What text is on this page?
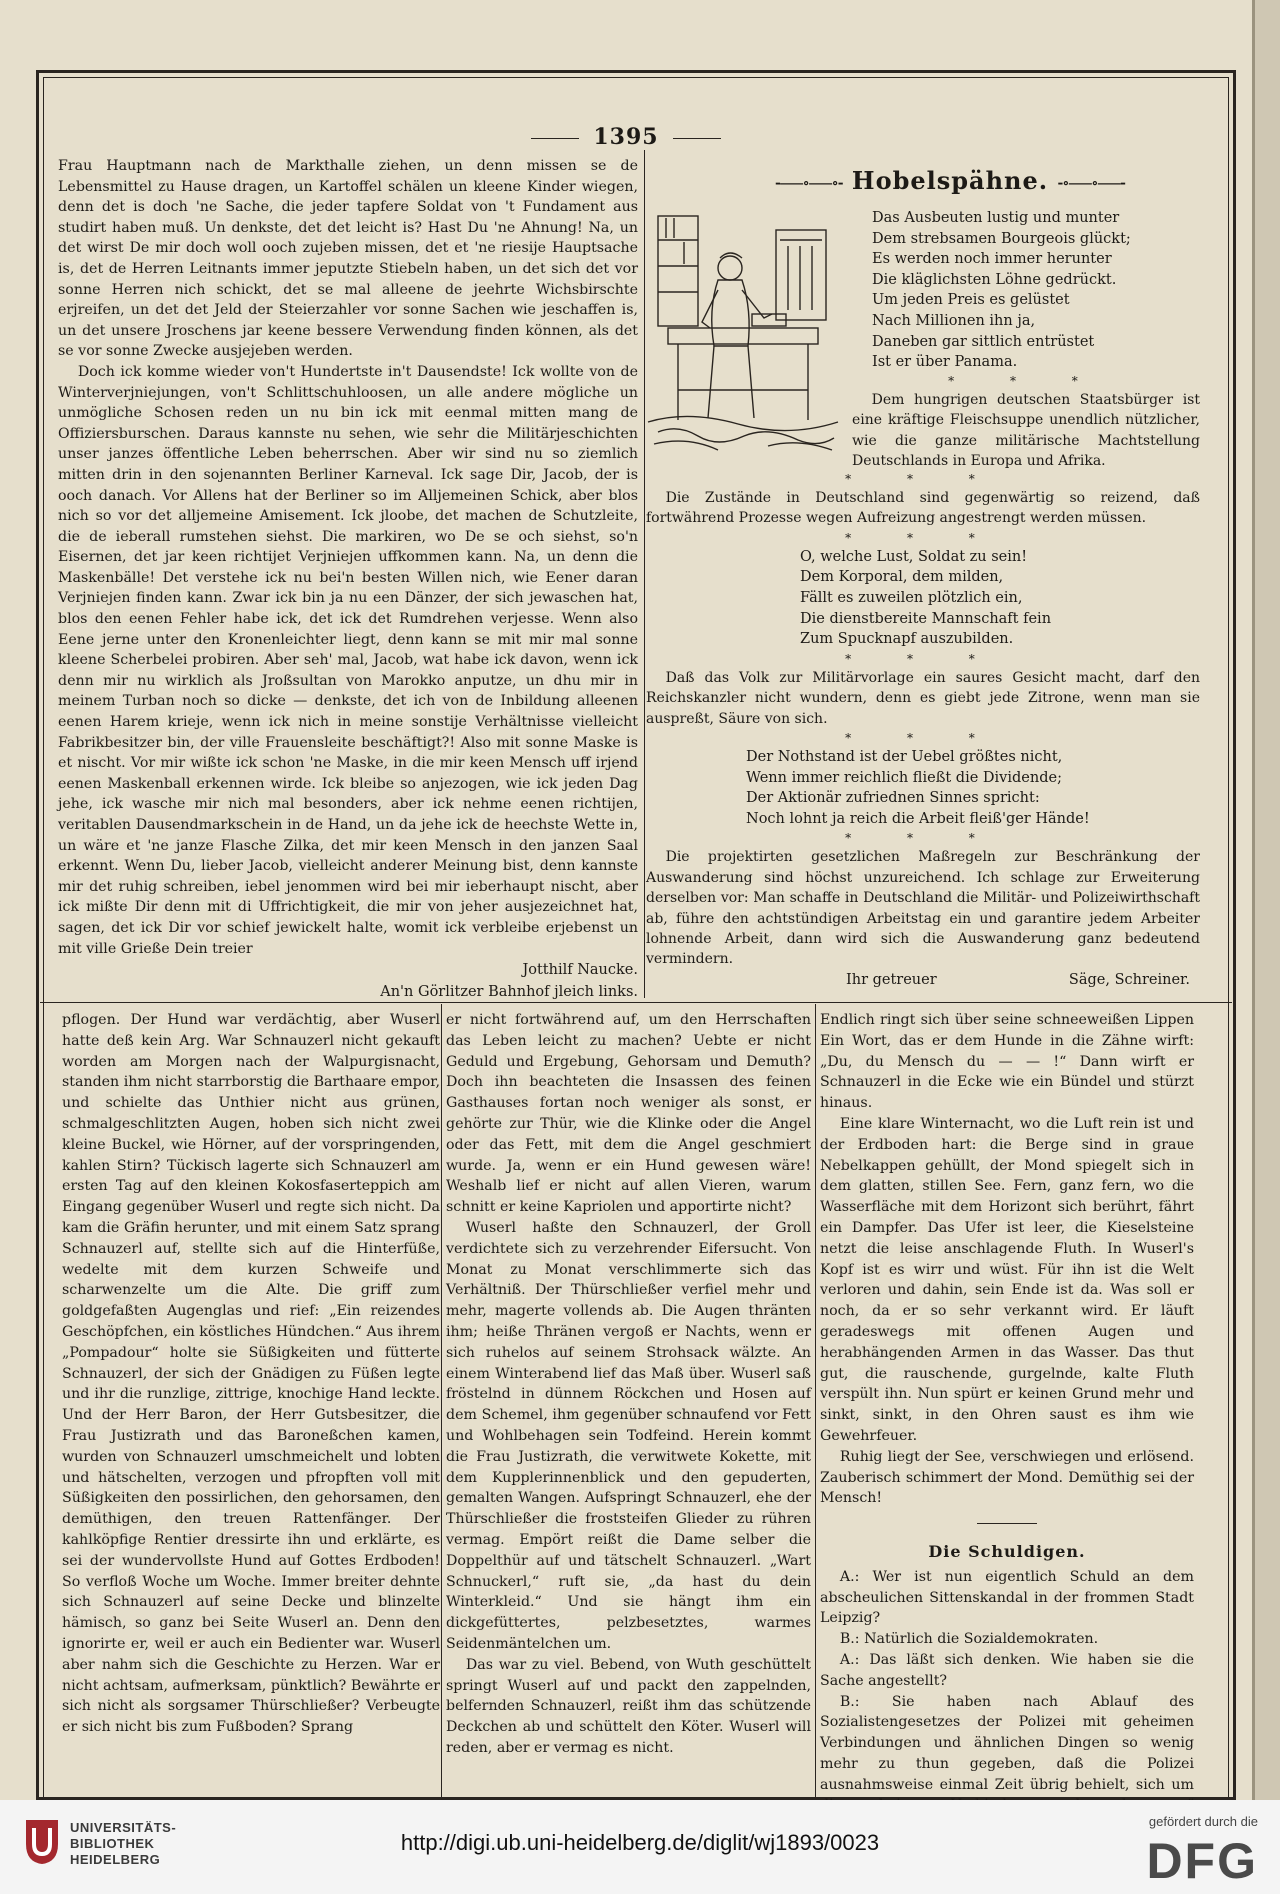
1395

Frau Hauptmann nach de Markthalle ziehen, un denn missen se de Lebensmittel zu Hause dragen, un Kartoffel schälen un kleene Kinder wiegen, denn det is doch 'ne Sache, die jeder tapfere Soldat von 't Fundament aus studirt haben muß. Un denkste, det det leicht is? Hast Du 'ne Ahnung! Na, un det wirst De mir doch woll ooch zujeben missen, det et 'ne riesije Hauptsache is, det de Herren Leitnants immer jeputzte Stiebeln haben, un det sich det vor sonne Herren nich schickt, det se mal alleene de jeehrte Wichsbirschte erjreifen, un det det Jeld der Steierzahler vor sonne Sachen wie jeschaffen is, un det unsere Jroschens jar keene bessere Verwendung finden können, als det se vor sonne Zwecke ausjejeben werden.

Doch ick komme wieder von't Hundertste in't Dausendste! Ick wollte von de Winterverjniejungen, von't Schlittschuhloosen, un alle andere mögliche un unmögliche Schosen reden un nu bin ick mit eenmal mitten mang de Offiziersburschen. Daraus kannste nu sehen, wie sehr die Militärjeschichten unser janzes öffentliche Leben beherrschen. Aber wir sind nu so ziemlich mitten drin in den sojenannten Berliner Karneval. Ick sage Dir, Jacob, der is ooch danach. Vor Allens hat der Berliner so im Alljemeinen Schick, aber blos nich so vor det alljemeine Amisement. Ick jloobe, det machen de Schutzleite, die de ieberall rumstehen siehst. Die markiren, wo De se och siehst, so'n Eisernen, det jar keen richtijet Verjniejen uffkommen kann. Na, un denn die Maskenbälle! Det verstehe ick nu bei'n besten Willen nich, wie Eener daran Verjniejen finden kann. Zwar ick bin ja nu een Dänzer, der sich jewaschen hat, blos den eenen Fehler habe ick, det ick det Rumdrehen verjesse. Wenn also Eene jerne unter den Kronenleichter liegt, denn kann se mit mir mal sonne kleene Scherbelei probiren. Aber seh' mal, Jacob, wat habe ick davon, wenn ick denn mir nu wirklich als Jroßsultan von Marokko anputze, un dhu mir in meinem Turban noch so dicke — denkste, det ich von de Inbildung alleenen eenen Harem krieje, wenn ick nich in meine sonstije Verhältnisse vielleicht Fabrikbesitzer bin, der ville Frauensleite beschäftigt?! Also mit sonne Maske is et nischt. Vor mir wißte ick schon 'ne Maske, in die mir keen Mensch uff irjend eenen Maskenball erkennen wirde. Ick bleibe so anjezogen, wie ick jeden Dag jehe, ick wasche mir nich mal besonders, aber ick nehme eenen richtijen, veritablen Dausendmarkschein in de Hand, un da jehe ick de heechste Wette in, un wäre et 'ne janze Flasche Zilka, det mir keen Mensch in den janzen Saal erkennt. Wenn Du, lieber Jacob, vielleicht anderer Meinung bist, denn kannste mir det ruhig schreiben, iebel jenommen wird bei mir ieberhaupt nischt, aber ick mißte Dir denn mit di Uffrichtigkeit, die mir von jeher ausjezeichnet hat, sagen, det ick Dir vor schief jewickelt halte, womit ick verbleibe erjebenst un mit ville Grieße Dein treier

Jotthilf Naucke.
An'n Görlitzer Bahnhof jleich links.
-⸺∘⸺∘- Hobelspähne. -∘⸺∘⸺-
Das Ausbeuten lustig und munter
Dem strebsamen Bourgeois glückt;
Es werden noch immer herunter
Die kläglichsten Löhne gedrückt.
Um jeden Preis es gelüstet
Nach Millionen ihn ja,
Daneben gar sittlich entrüstet
Ist er über Panama.
* * *

Dem hungrigen deutschen Staatsbürger ist eine kräftige Fleischsuppe unendlich nützlicher, wie die ganze militärische Machtstellung Deutschlands in Europa und Afrika.

* * *

Die Zustände in Deutschland sind gegenwärtig so reizend, daß fortwährend Prozesse wegen Aufreizung angestrengt werden müssen.

* * *
O, welche Lust, Soldat zu sein!
Dem Korporal, dem milden,
Fällt es zuweilen plötzlich ein,
Die dienstbereite Mannschaft fein
Zum Spucknapf auszubilden.
* * *

Daß das Volk zur Militärvorlage ein saures Gesicht macht, darf den Reichskanzler nicht wundern, denn es giebt jede Zitrone, wenn man sie auspreßt, Säure von sich.

* * *
Der Nothstand ist der Uebel größtes nicht,
Wenn immer reichlich fließt die Dividende;
Der Aktionär zufriednen Sinnes spricht:
Noch lohnt ja reich die Arbeit fleiß'ger Hände!
* * *

Die projektirten gesetzlichen Maßregeln zur Beschränkung der Auswanderung sind höchst unzureichend. Ich schlage zur Erweiterung derselben vor: Man schaffe in Deutschland die Militär- und Polizeiwirthschaft ab, führe den achtstündigen Arbeitstag ein und garantire jedem Arbeiter lohnende Arbeit, dann wird sich die Auswanderung ganz bedeutend vermindern.

Ihr getreuer	Säge, Schreiner.

pflogen. Der Hund war verdächtig, aber Wuserl hatte deß kein Arg. War Schnauzerl nicht gekauft worden am Morgen nach der Walpurgisnacht, standen ihm nicht starrborstig die Barthaare empor, und schielte das Unthier nicht aus grünen, schmalgeschlitzten Augen, hoben sich nicht zwei kleine Buckel, wie Hörner, auf der vorspringenden, kahlen Stirn? Tückisch lagerte sich Schnauzerl am ersten Tag auf den kleinen Kokosfaserteppich am Eingang gegenüber Wuserl und regte sich nicht. Da kam die Gräfin herunter, und mit einem Satz sprang Schnauzerl auf, stellte sich auf die Hinterfüße, wedelte mit dem kurzen Schweife und scharwenzelte um die Alte. Die griff zum goldgefaßten Augenglas und rief: „Ein reizendes Geschöpfchen, ein köstliches Hündchen.“ Aus ihrem „Pompadour“ holte sie Süßigkeiten und fütterte Schnauzerl, der sich der Gnädigen zu Füßen legte und ihr die runzlige, zittrige, knochige Hand leckte. Und der Herr Baron, der Herr Gutsbesitzer, die Frau Justizrath und das Baroneßchen kamen, wurden von Schnauzerl umschmeichelt und lobten und hätschelten, verzogen und pfropften voll mit Süßigkeiten den possirlichen, den gehorsamen, den demüthigen, den treuen Rattenfänger. Der kahlköpfige Rentier dressirte ihn und erklärte, es sei der wundervollste Hund auf Gottes Erdboden! So verfloß Woche um Woche. Immer breiter dehnte sich Schnauzerl auf seine Decke und blinzelte hämisch, so ganz bei Seite Wuserl an. Denn den ignorirte er, weil er auch ein Bedienter war. Wuserl aber nahm sich die Geschichte zu Herzen. War er nicht achtsam, aufmerksam, pünktlich? Bewährte er sich nicht als sorgsamer Thürschließer? Verbeugte er sich nicht bis zum Fußboden? Sprang

er nicht fortwährend auf, um den Herrschaften das Leben leicht zu machen? Uebte er nicht Geduld und Ergebung, Gehorsam und Demuth? Doch ihn beachteten die Insassen des feinen Gasthauses fortan noch weniger als sonst, er gehörte zur Thür, wie die Klinke oder die Angel oder das Fett, mit dem die Angel geschmiert wurde. Ja, wenn er ein Hund gewesen wäre! Weshalb lief er nicht auf allen Vieren, warum schnitt er keine Kapriolen und apportirte nicht?

Wuserl haßte den Schnauzerl, der Groll verdichtete sich zu verzehrender Eifersucht. Von Monat zu Monat verschlimmerte sich das Verhältniß. Der Thürschließer verfiel mehr und mehr, magerte vollends ab. Die Augen thränten ihm; heiße Thränen vergoß er Nachts, wenn er sich ruhelos auf seinem Strohsack wälzte. An einem Winterabend lief das Maß über. Wuserl saß fröstelnd in dünnem Röckchen und Hosen auf dem Schemel, ihm gegenüber schnaufend vor Fett und Wohlbehagen sein Todfeind. Herein kommt die Frau Justizrath, die verwitwete Kokette, mit dem Kupplerinnenblick und den gepuderten, gemalten Wangen. Aufspringt Schnauzerl, ehe der Thürschließer die froststeifen Glieder zu rühren vermag. Empört reißt die Dame selber die Doppelthür auf und tätschelt Schnauzerl. „Wart Schnuckerl,“ ruft sie, „da hast du dein Winterkleid.“ Und sie hängt ihm ein dickgefüttertes, pelzbesetztes, warmes Seidenmäntelchen um.

Das war zu viel. Bebend, von Wuth geschüttelt springt Wuserl auf und packt den zappelnden, belfernden Schnauzerl, reißt ihm das schützende Deckchen ab und schüttelt den Köter. Wuserl will reden, aber er vermag es nicht.

Endlich ringt sich über seine schneeweißen Lippen Ein Wort, das er dem Hunde in die Zähne wirft: „Du, du Mensch du — — !“ Dann wirft er Schnauzerl in die Ecke wie ein Bündel und stürzt hinaus.

Eine klare Winternacht, wo die Luft rein ist und der Erdboden hart: die Berge sind in graue Nebelkappen gehüllt, der Mond spiegelt sich in dem glatten, stillen See. Fern, ganz fern, wo die Wasserfläche mit dem Horizont sich berührt, fährt ein Dampfer. Das Ufer ist leer, die Kieselsteine netzt die leise anschlagende Fluth. In Wuserl's Kopf ist es wirr und wüst. Für ihn ist die Welt verloren und dahin, sein Ende ist da. Was soll er noch, da er so sehr verkannt wird. Er läuft geradeswegs mit offenen Augen und herabhängenden Armen in das Wasser. Das thut gut, die rauschende, gurgelnde, kalte Fluth verspült ihn. Nun spürt er keinen Grund mehr und sinkt, sinkt, in den Ohren saust es ihm wie Gewehrfeuer.

Ruhig liegt der See, verschwiegen und erlösend. Zauberisch schimmert der Mond. Demüthig sei der Mensch!

Die Schuldigen.

A.: Wer ist nun eigentlich Schuld an dem abscheulichen Sittenskandal in der frommen Stadt Leipzig?

B.: Natürlich die Sozialdemokraten.

A.: Das läßt sich denken. Wie haben sie die Sache angestellt?

B.: Sie haben nach Ablauf des Sozialistengesetzes der Polizei mit geheimen Verbindungen und ähnlichen Dingen so wenig mehr zu thun gegeben, daß die Polizei ausnahmsweise einmal Zeit übrig behielt, sich um

UNIVERSITÄTS-
BIBLIOTHEK
HEIDELBERG
http://digi.ub.uni-heidelberg.de/diglit/wj1893/0023
gefördert durch die
DFG
